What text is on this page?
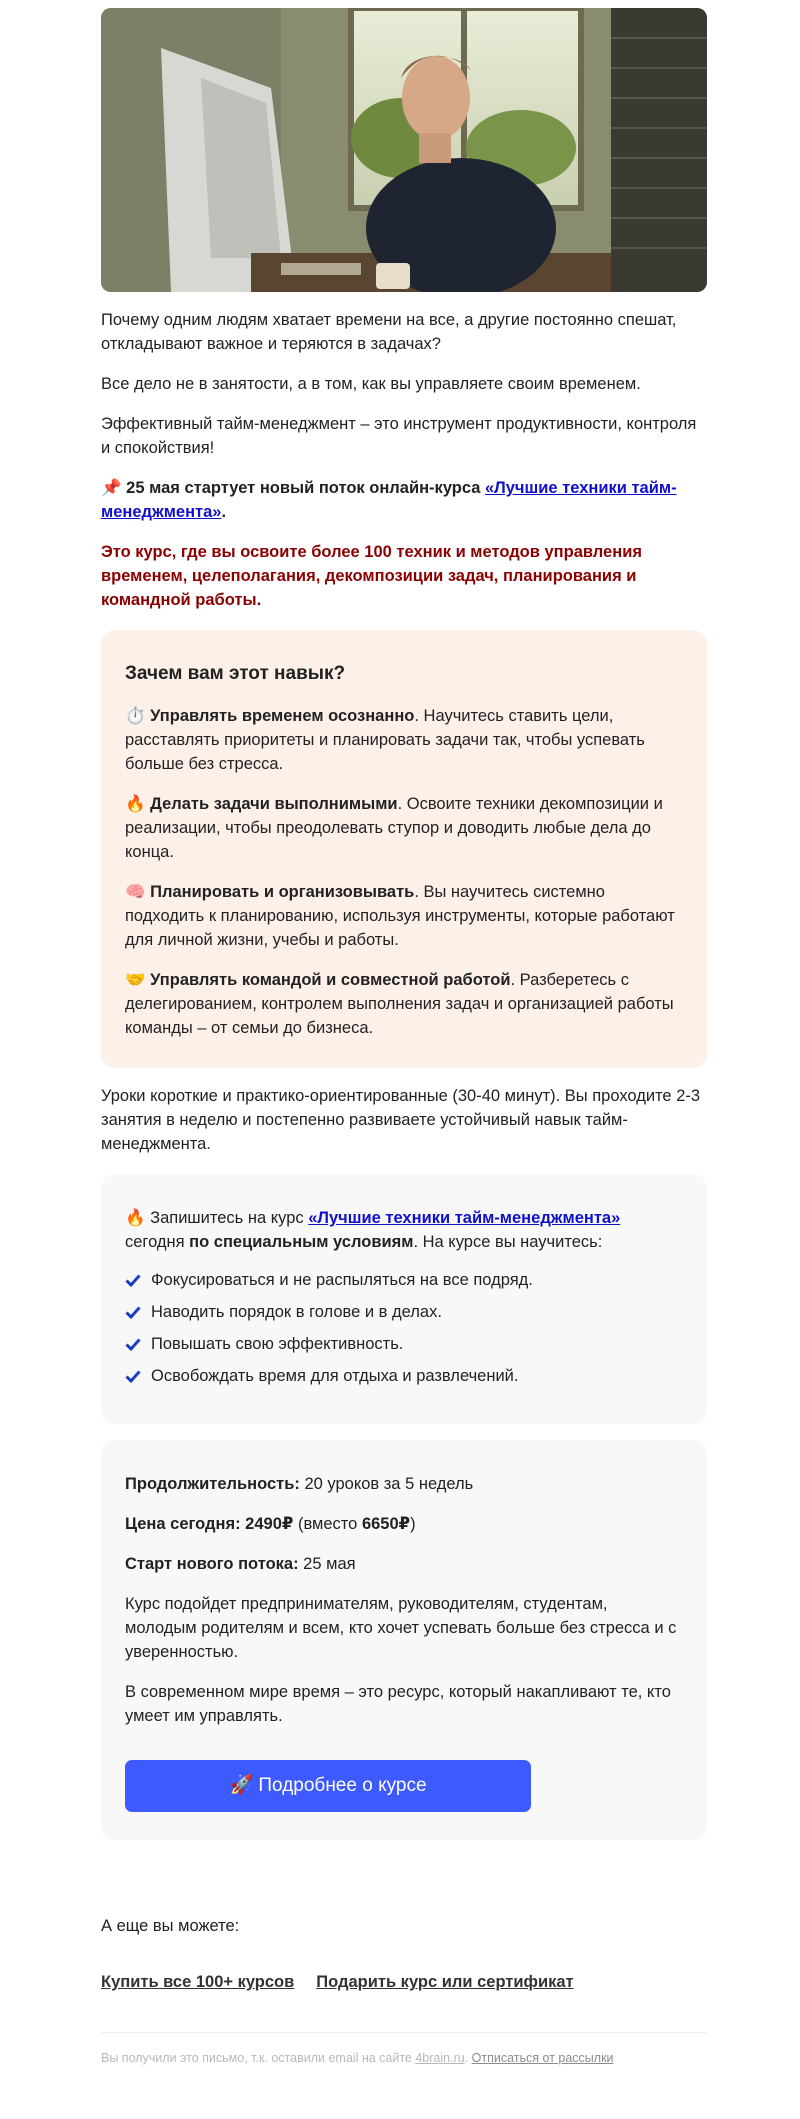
Почему одним людям хватает времени на все, а другие постоянно спешат, откладывают важное и теряются в задачах?

Все дело не в занятости, а в том, как вы управляете своим временем.

Эффективный тайм-менеджмент – это инструмент продуктивности, контроля и спокойствия!

📌 25 мая стартует новый поток онлайн-курса «Лучшие техники тайм-менеджмента».

Это курс, где вы освоите более 100 техник и методов управления временем, целеполагания, декомпозиции задач, планирования и командной работы.

Зачем вам этот навык?

⏱️ Управлять временем осознанно. Научитесь ставить цели, расставлять приоритеты и планировать задачи так, чтобы успевать больше без стресса.

🔥 Делать задачи выполнимыми. Освоите техники декомпозиции и реализации, чтобы преодолевать ступор и доводить любые дела до конца.

🧠 Планировать и организовывать. Вы научитесь системно подходить к планированию, используя инструменты, которые работают для личной жизни, учебы и работы.

🤝 Управлять командой и совместной работой. Разберетесь с делегированием, контролем выполнения задач и организацией работы команды – от семьи до бизнеса.

Уроки короткие и практико-ориентированные (30-40 минут). Вы проходите 2-3 занятия в неделю и постепенно развиваете устойчивый навык тайм-менеджмента.

🔥 Запишитесь на курс «Лучшие техники тайм-менеджмента» сегодня по специальным условиям. На курсе вы научитесь:

Фокусироваться и не распыляться на все подряд.
Наводить порядок в голове и в делах.
Повышать свою эффективность.
Освобождать время для отдыха и развлечений.

Продолжительность: 20 уроков за 5 недель

Цена сегодня: 2490₽ (вместо 6650₽)

Старт нового потока: 25 мая

Курс подойдет предпринимателям, руководителям, студентам, молодым родителям и всем, кто хочет успевать больше без стресса и с уверенностью.

В современном мире время – это ресурс, который накапливают те, кто умеет им управлять.

🚀 Подробнее о курсе

А еще вы можете:

Купить все 100+ курсов Подарить курс или сертификат

Вы получили это письмо, т.к. оставили email на сайте 4brain.ru. Отписаться от рассылки
